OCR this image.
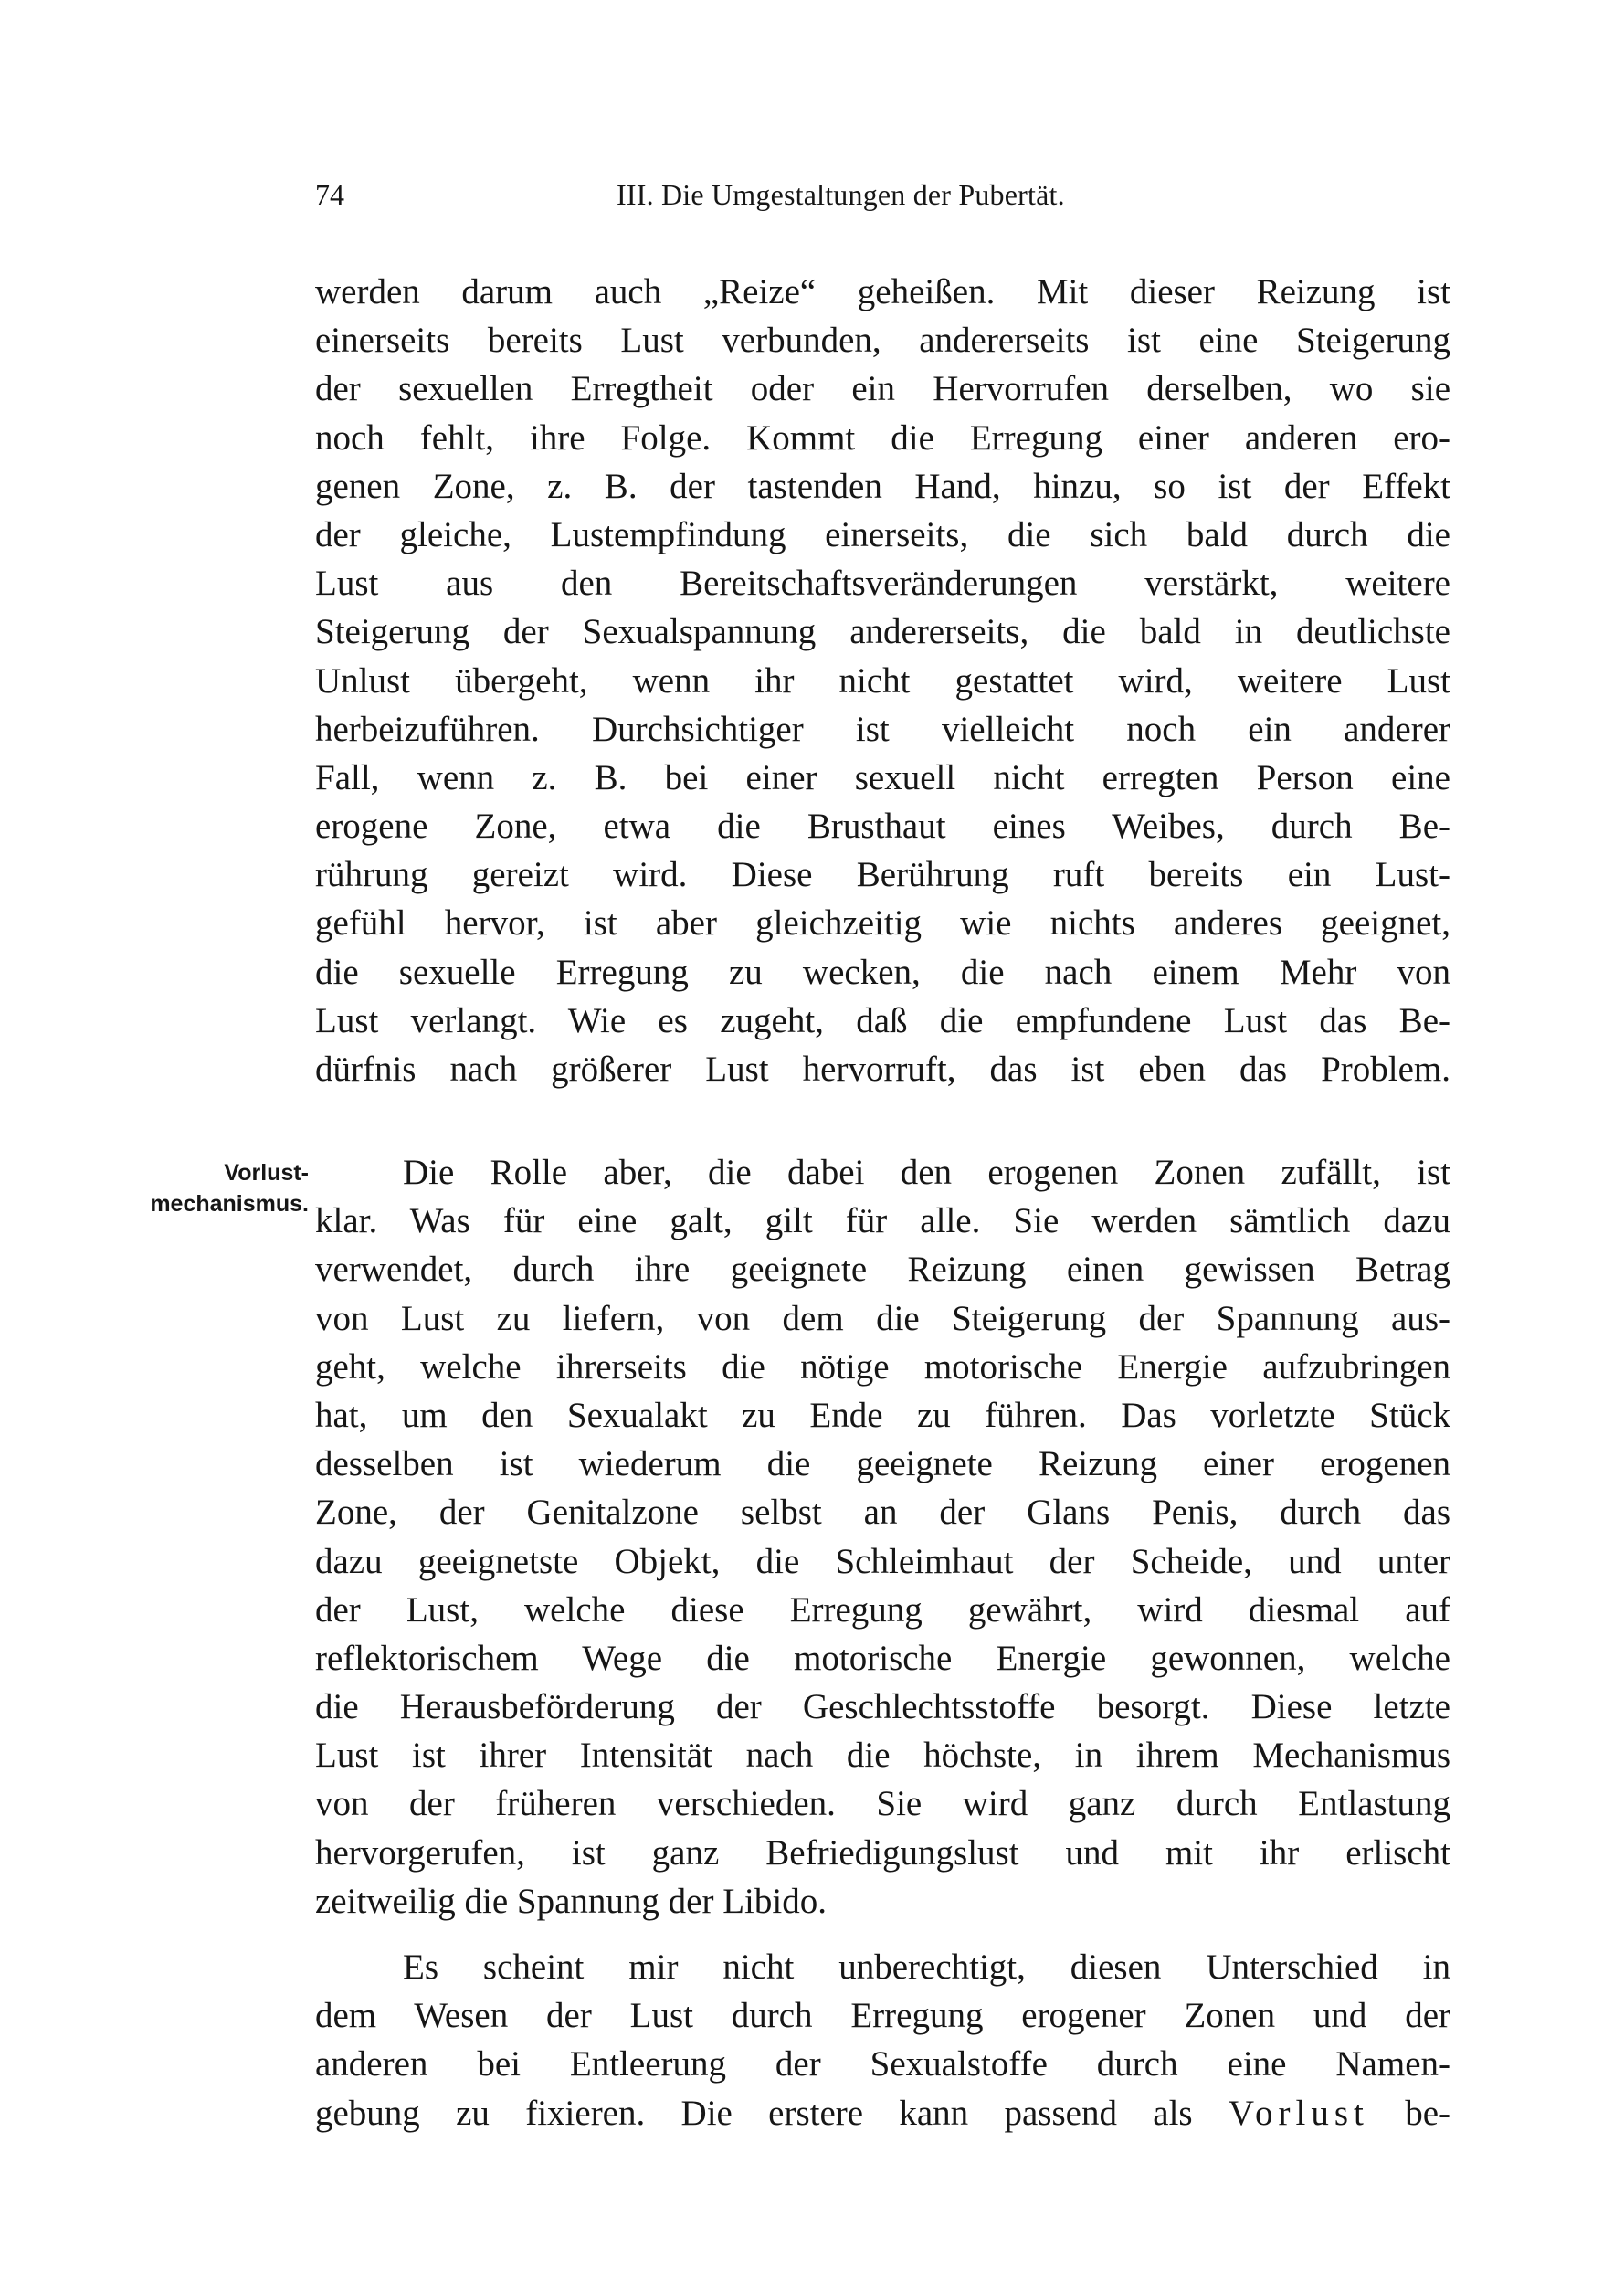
74	III. Die Umgestaltungen der Pubertät.
Vorlust-
mechanismus.
werden darum auch „Reize“ geheißen. Mit dieser Reizung ist
einerseits bereits Lust verbunden, andererseits ist eine Steigerung
der sexuellen Erregtheit oder ein Hervorrufen derselben, wo sie
noch fehlt, ihre Folge. Kommt die Erregung einer anderen ero-
genen Zone, z. B. der tastenden Hand, hinzu, so ist der Effekt
der gleiche, Lustempfindung einerseits, die sich bald durch die
Lust aus den Bereitschaftsveränderungen verstärkt, weitere
Steigerung der Sexualspannung andererseits, die bald in deutlichste
Unlust übergeht, wenn ihr nicht gestattet wird, weitere Lust
herbeizuführen. Durchsichtiger ist vielleicht noch ein anderer
Fall, wenn z. B. bei einer sexuell nicht erregten Person eine
erogene Zone, etwa die Brusthaut eines Weibes, durch Be-
rührung gereizt wird. Diese Berührung ruft bereits ein Lust-
gefühl hervor, ist aber gleichzeitig wie nichts anderes geeignet,
die sexuelle Erregung zu wecken, die nach einem Mehr von
Lust verlangt. Wie es zugeht, daß die empfundene Lust das Be-
dürfnis nach größerer Lust hervorruft, das ist eben das Problem.
Die Rolle aber, die dabei den erogenen Zonen zufällt, ist
klar. Was für eine galt, gilt für alle. Sie werden sämtlich dazu
verwendet, durch ihre geeignete Reizung einen gewissen Betrag
von Lust zu liefern, von dem die Steigerung der Spannung aus-
geht, welche ihrerseits die nötige motorische Energie aufzubringen
hat, um den Sexualakt zu Ende zu führen. Das vorletzte Stück
desselben ist wiederum die geeignete Reizung einer erogenen
Zone, der Genitalzone selbst an der Glans Penis, durch das
dazu geeignetste Objekt, die Schleimhaut der Scheide, und unter
der Lust, welche diese Erregung gewährt, wird diesmal auf
reflektorischem Wege die motorische Energie gewonnen, welche
die Herausbeförderung der Geschlechtsstoffe besorgt. Diese letzte
Lust ist ihrer Intensität nach die höchste, in ihrem Mechanismus
von der früheren verschieden. Sie wird ganz durch Entlastung
hervorgerufen, ist ganz Befriedigungslust und mit ihr erlischt
zeitweilig die Spannung der Libido.
Es scheint mir nicht unberechtigt, diesen Unterschied in
dem Wesen der Lust durch Erregung erogener Zonen und der
anderen bei Entleerung der Sexualstoffe durch eine Namen-
gebung zu fixieren. Die erstere kann passend als Vorlust be-
